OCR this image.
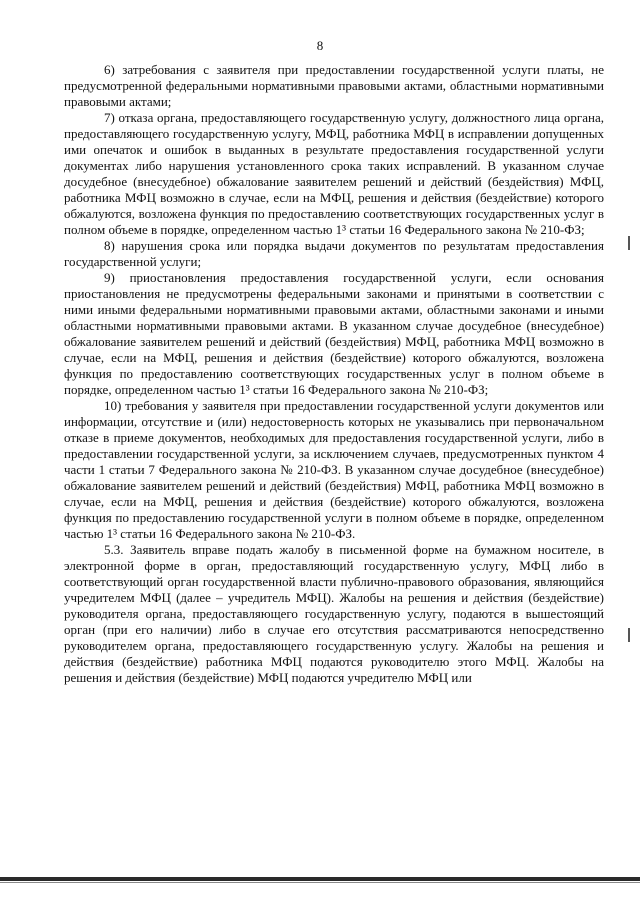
8

6) затребования с заявителя при предоставлении государственной услуги платы, не предусмотренной федеральными нормативными правовыми актами, областными нормативными правовыми актами;

7) отказа органа, предоставляющего государственную услугу, должностного лица органа, предоставляющего государственную услугу, МФЦ, работника МФЦ в исправлении допущенных ими опечаток и ошибок в выданных в результате предоставления государственной услуги документах либо нарушения установленного срока таких исправлений. В указанном случае досудебное (внесудебное) обжалование заявителем решений и действий (бездействия) МФЦ, работника МФЦ возможно в случае, если на МФЦ, решения и действия (бездействие) которого обжалуются, возложена функция по предоставлению соответствующих государственных услуг в полном объеме в порядке, определенном частью 1³ статьи 16 Федерального закона № 210-ФЗ;

8) нарушения срока или порядка выдачи документов по результатам предоставления государственной услуги;

9) приостановления предоставления государственной услуги, если основания приостановления не предусмотрены федеральными законами и принятыми в соответствии с ними иными федеральными нормативными правовыми актами, областными законами и иными областными нормативными правовыми актами. В указанном случае досудебное (внесудебное) обжалование заявителем решений и действий (бездействия) МФЦ, работника МФЦ возможно в случае, если на МФЦ, решения и действия (бездействие) которого обжалуются, возложена функция по предоставлению соответствующих государственных услуг в полном объеме в порядке, определенном частью 1³ статьи 16 Федерального закона № 210-ФЗ;

10) требования у заявителя при предоставлении государственной услуги документов или информации, отсутствие и (или) недостоверность которых не указывались при первоначальном отказе в приеме документов, необходимых для предоставления государственной услуги, либо в предоставлении государственной услуги, за исключением случаев, предусмотренных пунктом 4 части 1 статьи 7 Федерального закона № 210-ФЗ. В указанном случае досудебное (внесудебное) обжалование заявителем решений и действий (бездействия) МФЦ, работника МФЦ возможно в случае, если на МФЦ, решения и действия (бездействие) которого обжалуются, возложена функция по предоставлению государственной услуги в полном объеме в порядке, определенном частью 1³ статьи 16 Федерального закона № 210-ФЗ.

5.3. Заявитель вправе подать жалобу в письменной форме на бумажном носителе, в электронной форме в орган, предоставляющий государственную услугу, МФЦ либо в соответствующий орган государственной власти публично-правового образования, являющийся учредителем МФЦ (далее – учредитель МФЦ). Жалобы на решения и действия (бездействие) руководителя органа, предоставляющего государственную услугу, подаются в вышестоящий орган (при его наличии) либо в случае его отсутствия рассматриваются непосредственно руководителем органа, предоставляющего государственную услугу. Жалобы на решения и действия (бездействие) работника МФЦ подаются руководителю этого МФЦ. Жалобы на решения и действия (бездействие) МФЦ подаются учредителю МФЦ или
